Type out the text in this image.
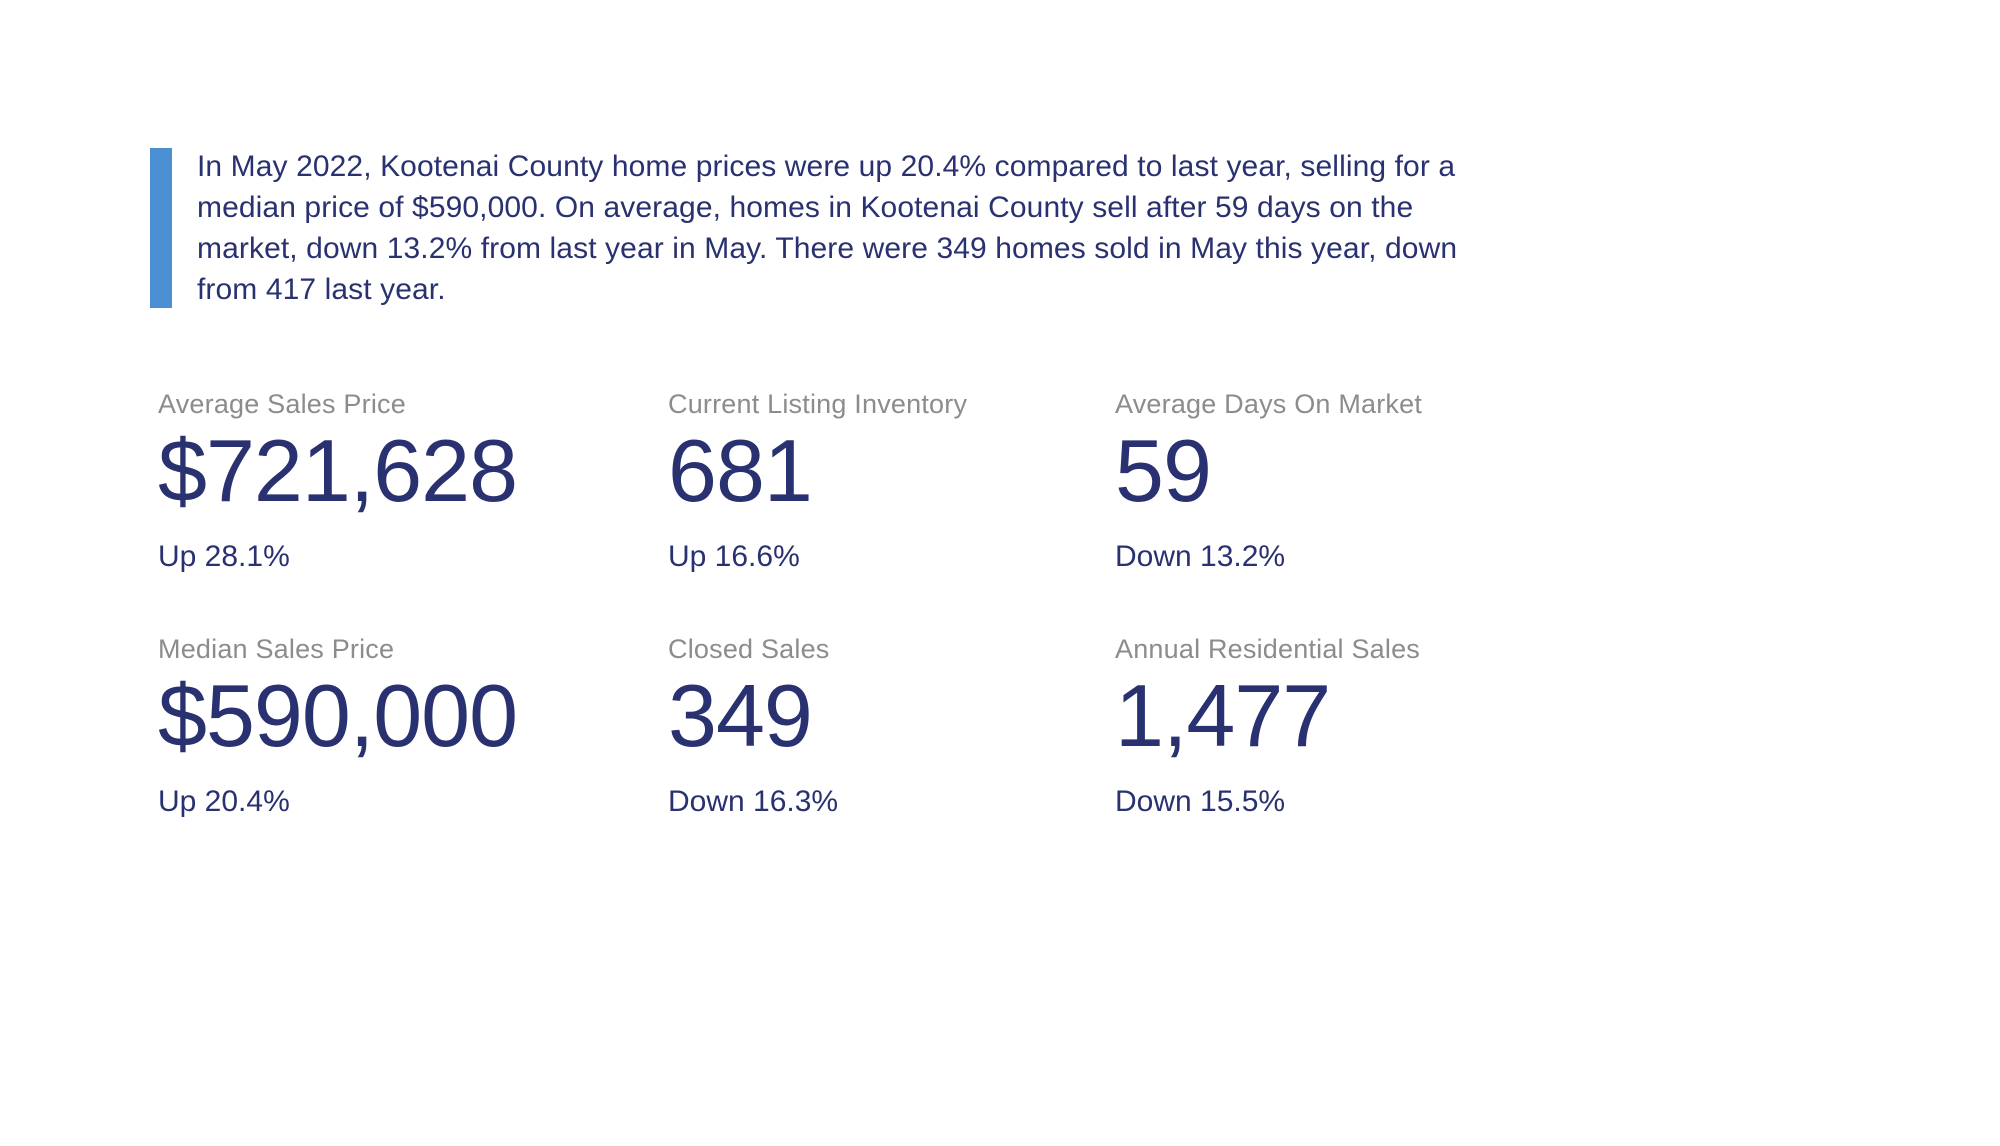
In May 2022, Kootenai County home prices were up 20.4% compared to last year, selling for a median price of $590,000. On average, homes in Kootenai County sell after 59 days on the market, down 13.2% from last year in May. There were 349 homes sold in May this year, down from 417 last year.
Average Sales Price
$721,628
Up 28.1%
Current Listing Inventory
681
Up 16.6%
Average Days On Market
59
Down 13.2%
Median Sales Price
$590,000
Up 20.4%
Closed Sales
349
Down 16.3%
Annual Residential Sales
1,477
Down 15.5%
